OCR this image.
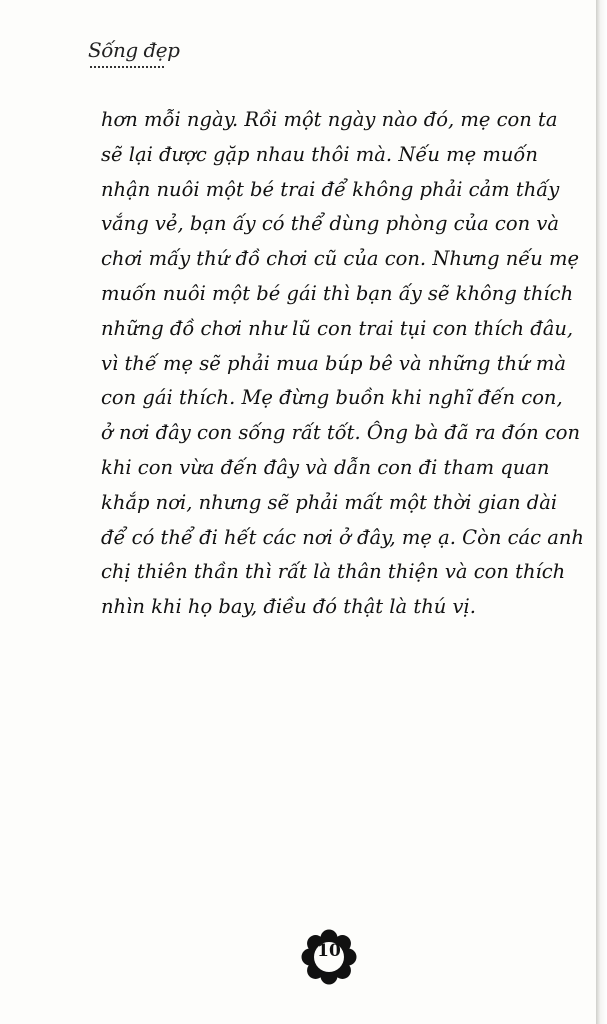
Sống đẹp
hơn mỗi ngày. Rồi một ngày nào đó, mẹ con ta
sẽ lại được gặp nhau thôi mà. Nếu mẹ muốn
nhận nuôi một bé trai để không phải cảm thấy
vắng vẻ, bạn ấy có thể dùng phòng của con và
chơi mấy thứ đồ chơi cũ của con. Nhưng nếu mẹ
muốn nuôi một bé gái thì bạn ấy sẽ không thích
những đồ chơi như lũ con trai tụi con thích đâu,
vì thế mẹ sẽ phải mua búp bê và những thứ mà
con gái thích. Mẹ đừng buồn khi nghĩ đến con,
ở nơi đây con sống rất tốt. Ông bà đã ra đón con
khi con vừa đến đây và dẫn con đi tham quan
khắp nơi, nhưng sẽ phải mất một thời gian dài
để có thể đi hết các nơi ở đây, mẹ ạ. Còn các anh
chị thiên thần thì rất là thân thiện và con thích
nhìn khi họ bay, điều đó thật là thú vị.
10
